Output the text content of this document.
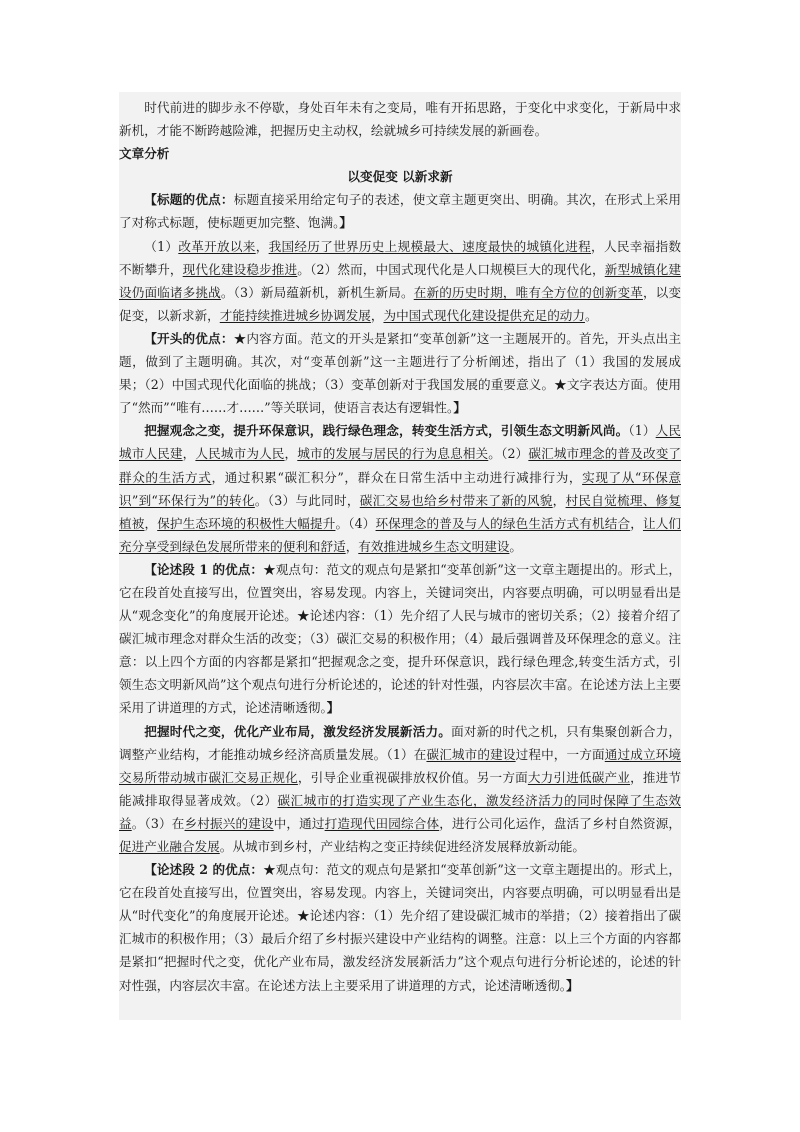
时代前进的脚步永不停歇，身处百年未有之变局，唯有开拓思路，于变化中求变化，于新局中求新机，才能不断跨越险滩，把握历史主动权，绘就城乡可持续发展的新画卷。

文章分析

以变促变 以新求新

【标题的优点：标题直接采用给定句子的表述，使文章主题更突出、明确。其次，在形式上采用了对称式标题，使标题更加完整、饱满。】

（1）改革开放以来，我国经历了世界历史上规模最大、速度最快的城镇化进程，人民幸福指数不断攀升，现代化建设稳步推进。（2）然而，中国式现代化是人口规模巨大的现代化，新型城镇化建设仍面临诸多挑战。（3）新局蕴新机，新机生新局。在新的历史时期，唯有全方位的创新变革，以变促变，以新求新，才能持续推进城乡协调发展，为中国式现代化建设提供充足的动力。

【开头的优点：★内容方面。范文的开头是紧扣“变革创新”这一主题展开的。首先，开头点出主题，做到了主题明确。其次，对“变革创新”这一主题进行了分析阐述，指出了（1）我国的发展成果；（2）中国式现代化面临的挑战；（3）变革创新对于我国发展的重要意义。★文字表达方面。使用了“然而”“唯有……才……”等关联词，使语言表达有逻辑性。】

把握观念之变，提升环保意识，践行绿色理念，转变生活方式，引领生态文明新风尚。（1）人民城市人民建，人民城市为人民，城市的发展与居民的行为息息相关。（2）碳汇城市理念的普及改变了群众的生活方式，通过积累“碳汇积分”，群众在日常生活中主动进行减排行为，实现了从“环保意识”到“环保行为”的转化。（3）与此同时，碳汇交易也给乡村带来了新的风貌，村民自觉梳理、修复植被，保护生态环境的积极性大幅提升。（4）环保理念的普及与人的绿色生活方式有机结合，让人们充分享受到绿色发展所带来的便利和舒适，有效推进城乡生态文明建设。

【论述段 1 的优点：★观点句：范文的观点句是紧扣“变革创新”这一文章主题提出的。形式上，它在段首处直接写出，位置突出，容易发现。内容上，关键词突出，内容要点明确，可以明显看出是从“观念变化”的角度展开论述。★论述内容：（1）先介绍了人民与城市的密切关系；（2）接着介绍了碳汇城市理念对群众生活的改变；（3）碳汇交易的积极作用；（4）最后强调普及环保理念的意义。注意：以上四个方面的内容都是紧扣“把握观念之变，提升环保意识，践行绿色理念,转变生活方式，引领生态文明新风尚”这个观点句进行分析论述的，论述的针对性强，内容层次丰富。在论述方法上主要采用了讲道理的方式，论述清晰透彻。】

把握时代之变，优化产业布局，激发经济发展新活力。面对新的时代之机，只有集聚创新合力，调整产业结构，才能推动城乡经济高质量发展。（1）在碳汇城市的建设过程中，一方面通过成立环境交易所带动城市碳汇交易正规化，引导企业重视碳排放权价值。另一方面大力引进低碳产业，推进节能减排取得显著成效。（2）碳汇城市的打造实现了产业生态化，激发经济活力的同时保障了生态效益。（3）在乡村振兴的建设中，通过打造现代田园综合体，进行公司化运作，盘活了乡村自然资源，促进产业融合发展。从城市到乡村，产业结构之变正持续促进经济发展释放新动能。

【论述段 2 的优点：★观点句：范文的观点句是紧扣“变革创新”这一文章主题提出的。形式上，它在段首处直接写出，位置突出，容易发现。内容上，关键词突出，内容要点明确，可以明显看出是从“时代变化”的角度展开论述。★论述内容：（1）先介绍了建设碳汇城市的举措；（2）接着指出了碳汇城市的积极作用；（3）最后介绍了乡村振兴建设中产业结构的调整。注意：以上三个方面的内容都是紧扣“把握时代之变，优化产业布局，激发经济发展新活力”这个观点句进行分析论述的，论述的针对性强，内容层次丰富。在论述方法上主要采用了讲道理的方式，论述清晰透彻。】
